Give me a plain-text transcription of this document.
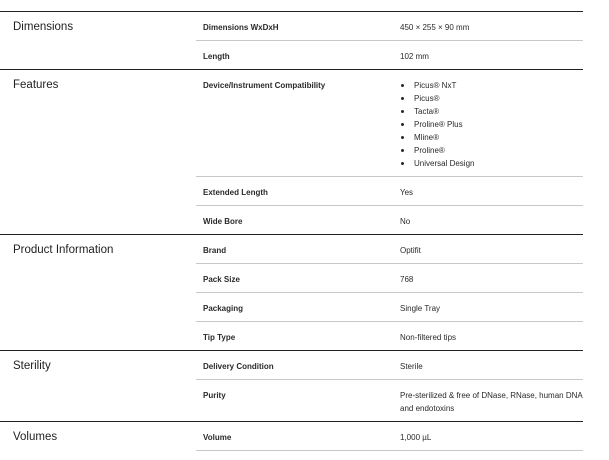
Dimensions	Dimensions WxDxH	450 × 255 × 90 mm
Length	102 mm
Features	Device/Instrument Compatibility	Picus® NxT
Picus®
Tacta®
Proline® Plus
Mline®
Proline®
Universal Design
Extended Length	Yes
Wide Bore	No
Product Information	Brand	Optifit
Pack Size	768
Packaging	Single Tray
Tip Type	Non-filtered tips
Sterility	Delivery Condition	Sterile
Purity	Pre-sterilized & free of DNase, RNase, human DNA and endotoxins
Volumes	Volume	1,000 µL
